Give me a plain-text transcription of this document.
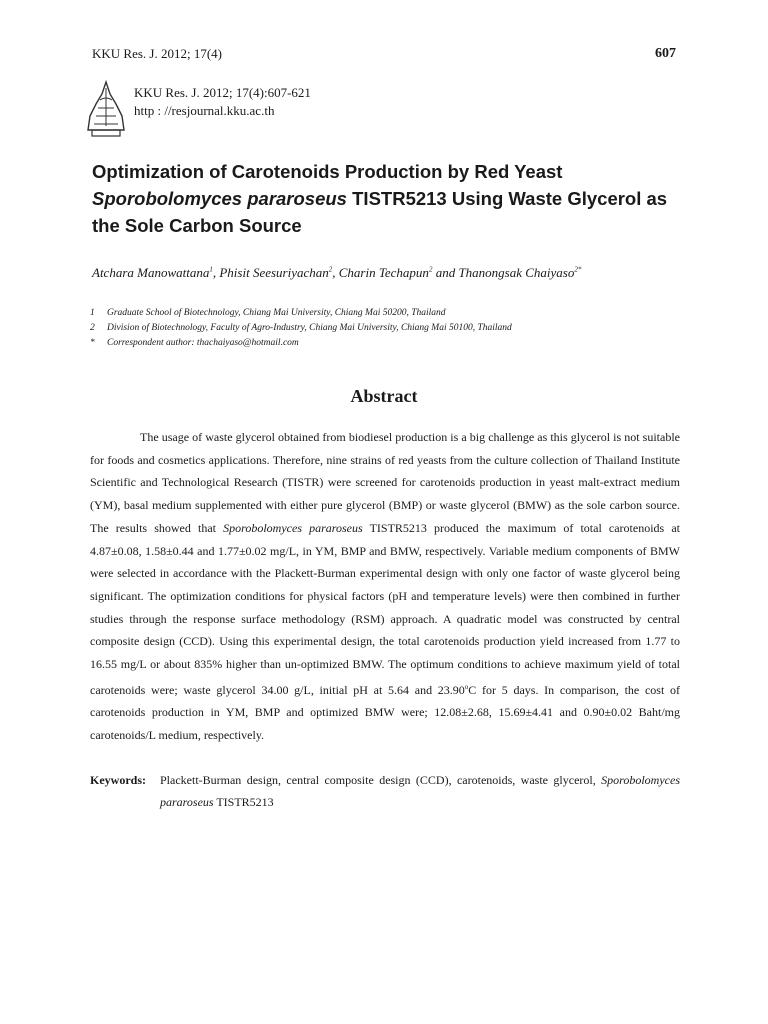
KKU Res. J. 2012; 17(4)	607
KKU Res. J. 2012; 17(4):607-621
http : //resjournal.kku.ac.th
Optimization of Carotenoids Production by Red Yeast Sporobolomyces pararoseus TISTR5213 Using Waste Glycerol as the Sole Carbon Source
Atchara Manowattana$^1$, Phisit Seesuriyachan$^2$, Charin Techapun$^2$ and Thanongsak Chaiyaso$^{2*}$
1	Graduate School of Biotechnology, Chiang Mai University, Chiang Mai 50200, Thailand
2	Division of Biotechnology, Faculty of Agro-Industry, Chiang Mai University, Chiang Mai 50100, Thailand
*	Correspondent author: thachaiyaso@hotmail.com
Abstract

The usage of waste glycerol obtained from biodiesel production is a big challenge as this glycerol is not suitable for foods and cosmetics applications. Therefore, nine strains of red yeasts from the culture collection of Thailand Institute Scientific and Technological Research (TISTR) were screened for carotenoids production in yeast malt-extract medium (YM), basal medium supplemented with either pure glycerol (BMP) or waste glycerol (BMW) as the sole carbon source. The results showed that Sporobolomyces pararoseus TISTR5213 produced the maximum of total carotenoids at 4.87±0.08, 1.58±0.44 and 1.77±0.02 mg/L, in YM, BMP and BMW, respectively. Variable medium components of BMW were selected in accordance with the Plackett-Burman experimental design with only one factor of waste glycerol being significant. The optimization conditions for physical factors (pH and temperature levels) were then combined in further studies through the response surface methodology (RSM) approach. A quadratic model was constructed by central composite design (CCD). Using this experimental design, the total carotenoids production yield increased from 1.77 to 16.55 mg/L or about 835% higher than un-optimized BMW. The optimum conditions to achieve maximum yield of total carotenoids were; waste glycerol 34.00 g/L, initial pH at 5.64 and 23.90$^o$C for 5 days. In comparison, the cost of carotenoids production in YM, BMP and optimized BMW were; 12.08±2.68, 15.69±4.41 and 0.90±0.02 Baht/mg carotenoids/L medium, respectively.

Keywords:	Plackett-Burman design, central composite design (CCD), carotenoids, waste glycerol, Sporobolomyces pararoseus TISTR5213
